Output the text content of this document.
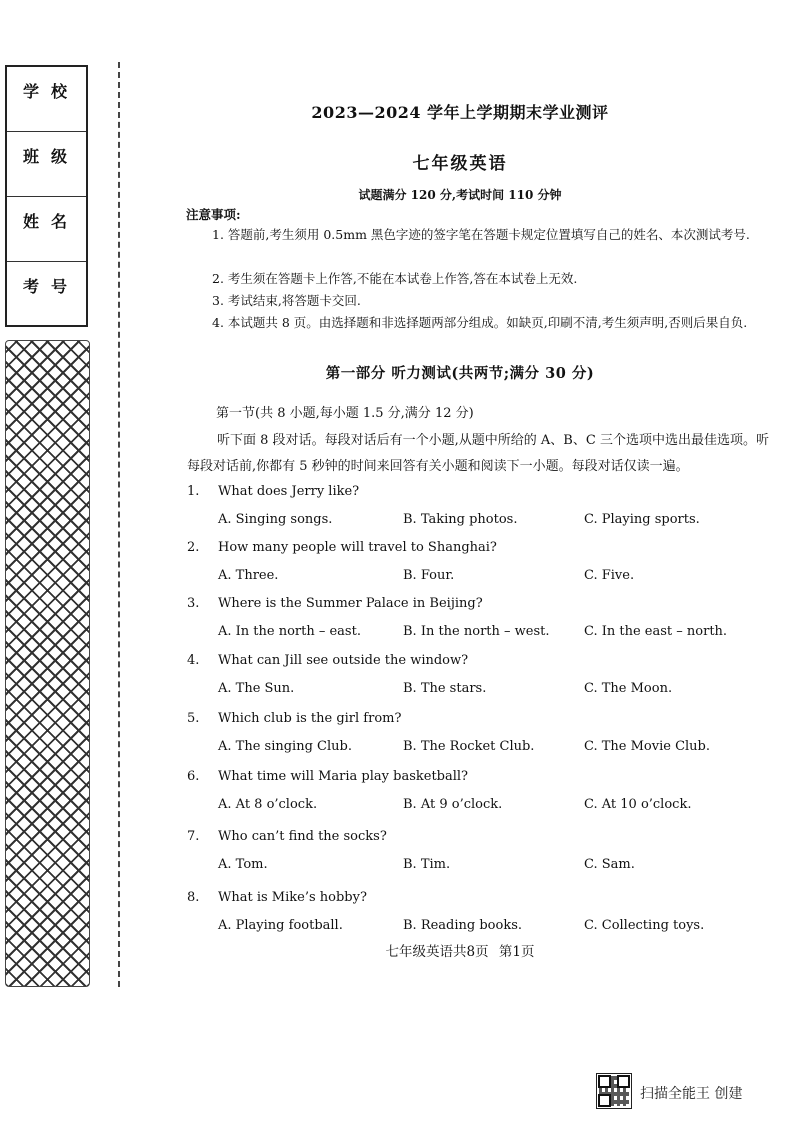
学校
班级
姓名
考号
2023—2024 学年上学期期末学业测评
七年级英语
试题满分 120 分,考试时间 110 分钟
注意事项:
1. 答题前,考生须用 0.5mm 黑色字迹的签字笔在答题卡规定位置填写自己的姓名、本次测试考号.
2. 考生须在答题卡上作答,不能在本试卷上作答,答在本试卷上无效.
3. 考试结束,将答题卡交回.
4. 本试题共 8 页。由选择题和非选择题两部分组成。如缺页,印刷不清,考生须声明,否则后果自负.
第一部分 听力测试(共两节;满分 30 分)
第一节(共 8 小题,每小题 1.5 分,满分 12 分)
听下面 8 段对话。每段对话后有一个小题,从题中所给的 A、B、C 三个选项中选出最佳选项。听每段对话前,你都有 5 秒钟的时间来回答有关小题和阅读下一小题。每段对话仅读一遍。
1. What does Jerry like?
A. Singing songs.	B. Taking photos.	C. Playing sports.
2. How many people will travel to Shanghai?
A. Three.	B. Four.	C. Five.
3. Where is the Summer Palace in Beijing?
A. In the north – east.	B. In the north – west.	C. In the east – north.
4. What can Jill see outside the window?
A. The Sun.	B. The stars.	C. The Moon.
5. Which club is the girl from?
A. The singing Club.	B. The Rocket Club.	C. The Movie Club.
6. What time will Maria play basketball?
A. At 8 o’clock.	B. At 9 o’clock.	C. At 10 o’clock.
7. Who can’t find the socks?
A. Tom.	B. Tim.	C. Sam.
8. What is Mike’s hobby?
A. Playing football.	B. Reading books.	C. Collecting toys.
七年级英语共8页 第1页
扫描全能王 创建
